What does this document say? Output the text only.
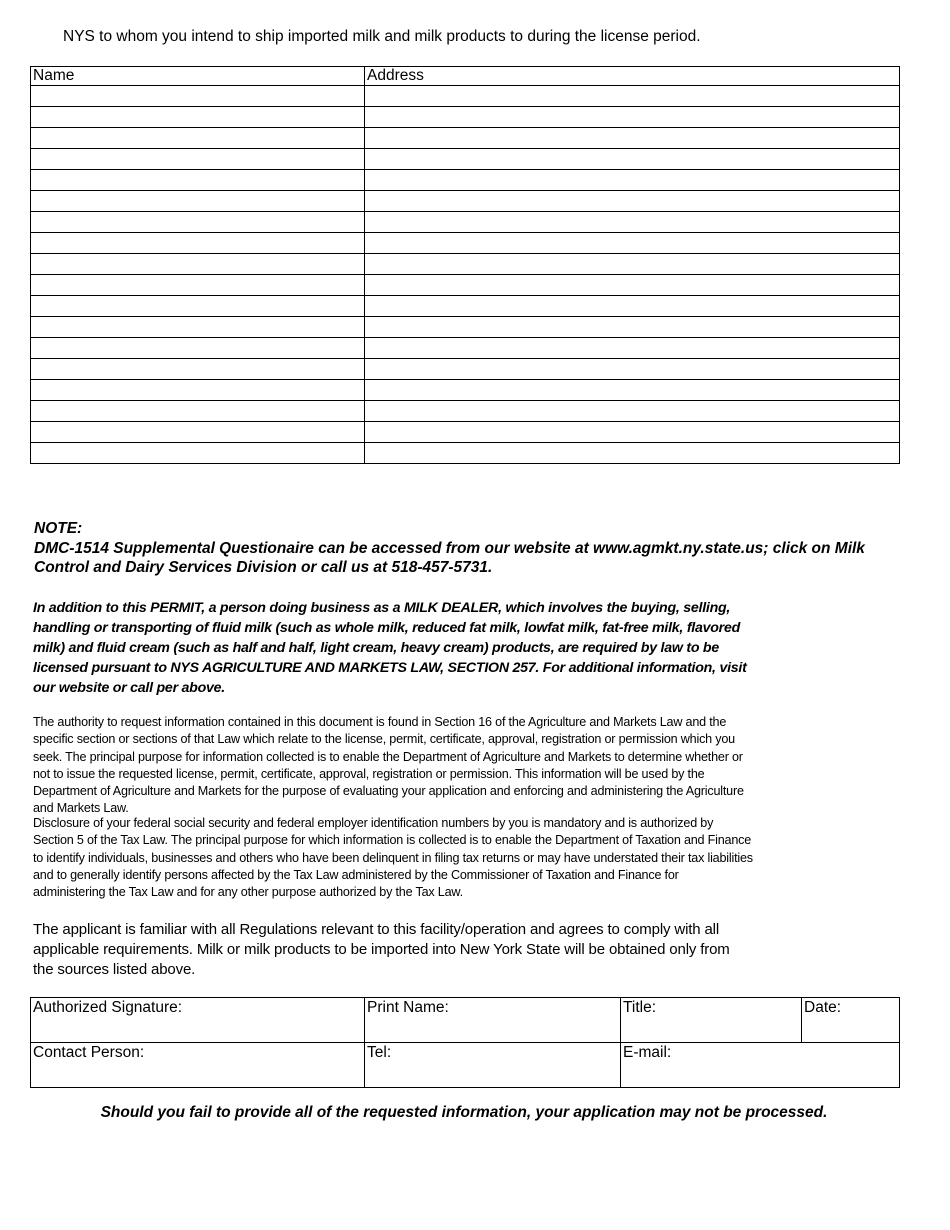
NYS to whom you intend to ship imported milk and milk products to during the license period.
Name	Address

NOTE:
DMC-1514 Supplemental Questionaire can be accessed from our website at www.agmkt.ny.state.us; click on Milk Control and Dairy Services Division or call us at 518-457-5731.
In addition to this PERMIT, a person doing business as a MILK DEALER, which involves the buying, selling, handling or transporting of fluid milk (such as whole milk, reduced fat milk, lowfat milk, fat-free milk, flavored milk) and fluid cream (such as half and half, light cream, heavy cream) products, are required by law to be licensed pursuant to NYS AGRICULTURE AND MARKETS LAW, SECTION 257. For additional information, visit our website or call per above.
The authority to request information contained in this document is found in Section 16 of the Agriculture and Markets Law and the specific section or sections of that Law which relate to the license, permit, certificate, approval, registration or permission which you seek. The principal purpose for information collected is to enable the Department of Agriculture and Markets to determine whether or not to issue the requested license, permit, certificate, approval, registration or permission. This information will be used by the Department of Agriculture and Markets for the purpose of evaluating your application and enforcing and administering the Agriculture and Markets Law.
Disclosure of your federal social security and federal employer identification numbers by you is mandatory and is authorized by Section 5 of the Tax Law. The principal purpose for which information is collected is to enable the Department of Taxation and Finance to identify individuals, businesses and others who have been delinquent in filing tax returns or may have understated their tax liabilities and to generally identify persons affected by the Tax Law administered by the Commissioner of Taxation and Finance for administering the Tax Law and for any other purpose authorized by the Tax Law.
The applicant is familiar with all Regulations relevant to this facility/operation and agrees to comply with all applicable requirements. Milk or milk products to be imported into New York State will be obtained only from the sources listed above.
Authorized Signature:	Print Name:	Title:	Date:
Contact Person:	Tel:	E-mail:	
Should you fail to provide all of the requested information, your application may not be processed.
